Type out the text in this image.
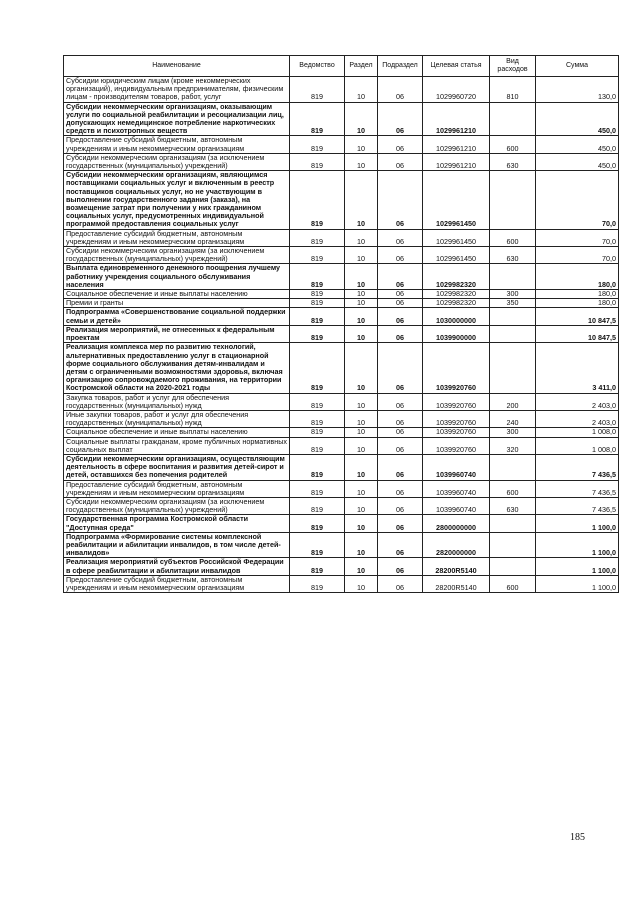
Наименование	Ведомство	Раздел	Подраздел	Целевая статья	Вид расходов	Сумма
Субсидии юридическим лицам (кроме некоммерческих организаций), индивидуальным предпринимателям, физическим лицам - производителям товаров, работ, услуг	819	10	06	1029960720	810	130,0
Субсидии некоммерческим организациям, оказывающим услуги по социальной реабилитации и ресоциализации лиц, допускающих немедицинское потребление наркотических средств и психотропных веществ	819	10	06	1029961210		450,0
Предоставление субсидий бюджетным, автономным учреждениям и иным некоммерческим организациям	819	10	06	1029961210	600	450,0
Субсидии некоммерческим организациям (за исключением государственных (муниципальных) учреждений)	819	10	06	1029961210	630	450,0
Субсидии некоммерческим организациям, являющимся поставщиками социальных услуг и включенным в реестр поставщиков социальных услуг, но не участвующим в выполнении государственного задания (заказа), на возмещение затрат при получении у них гражданином социальных услуг, предусмотренных индивидуальной программой предоставления социальных услуг	819	10	06	1029961450		70,0
Предоставление субсидий бюджетным, автономным учреждениям и иным некоммерческим организациям	819	10	06	1029961450	600	70,0
Субсидии некоммерческим организациям (за исключением государственных (муниципальных) учреждений)	819	10	06	1029961450	630	70,0
Выплата единовременного денежного поощрения лучшему работнику учреждения социального обслуживания населения	819	10	06	1029982320		180,0
Социальное обеспечение и иные выплаты населению	819	10	06	1029982320	300	180,0
Премии и гранты	819	10	06	1029982320	350	180,0
Подпрограмма «Совершенствование социальной поддержки семьи и детей»	819	10	06	1030000000		10 847,5
Реализация мероприятий, не отнесенных к федеральным проектам	819	10	06	1039900000		10 847,5
Реализация комплекса мер по развитию технологий, альтернативных предоставлению услуг в стационарной форме социального обслуживания детям-инвалидам и детям с ограниченными возможностями здоровья, включая организацию сопровождаемого проживания, на территории Костромской области на 2020-2021 годы	819	10	06	1039920760		3 411,0
Закупка товаров, работ и услуг для обеспечения государственных (муниципальных) нужд	819	10	06	1039920760	200	2 403,0
Иные закупки товаров, работ и услуг для обеспечения государственных (муниципальных) нужд	819	10	06	1039920760	240	2 403,0
Социальное обеспечение и иные выплаты населению	819	10	06	1039920760	300	1 008,0
Социальные выплаты гражданам, кроме публичных нормативных социальных выплат	819	10	06	1039920760	320	1 008,0
Субсидии некоммерческим организациям, осуществляющим деятельность в сфере воспитания и развития детей-сирот и детей, оставшихся без попечения родителей	819	10	06	1039960740		7 436,5
Предоставление субсидий бюджетным, автономным учреждениям и иным некоммерческим организациям	819	10	06	1039960740	600	7 436,5
Субсидии некоммерческим организациям (за исключением государственных (муниципальных) учреждений)	819	10	06	1039960740	630	7 436,5
Государственная программа Костромской области "Доступная среда"	819	10	06	2800000000		1 100,0
Подпрограмма «Формирование системы комплексной реабилитации и абилитации инвалидов, в том числе детей-инвалидов»	819	10	06	2820000000		1 100,0
Реализация мероприятий субъектов Российской Федерации в сфере реабилитации и абилитации инвалидов	819	10	06	28200R5140		1 100,0
Предоставление субсидий бюджетным, автономным учреждениям и иным некоммерческим организациям	819	10	06	28200R5140	600	1 100,0
185
